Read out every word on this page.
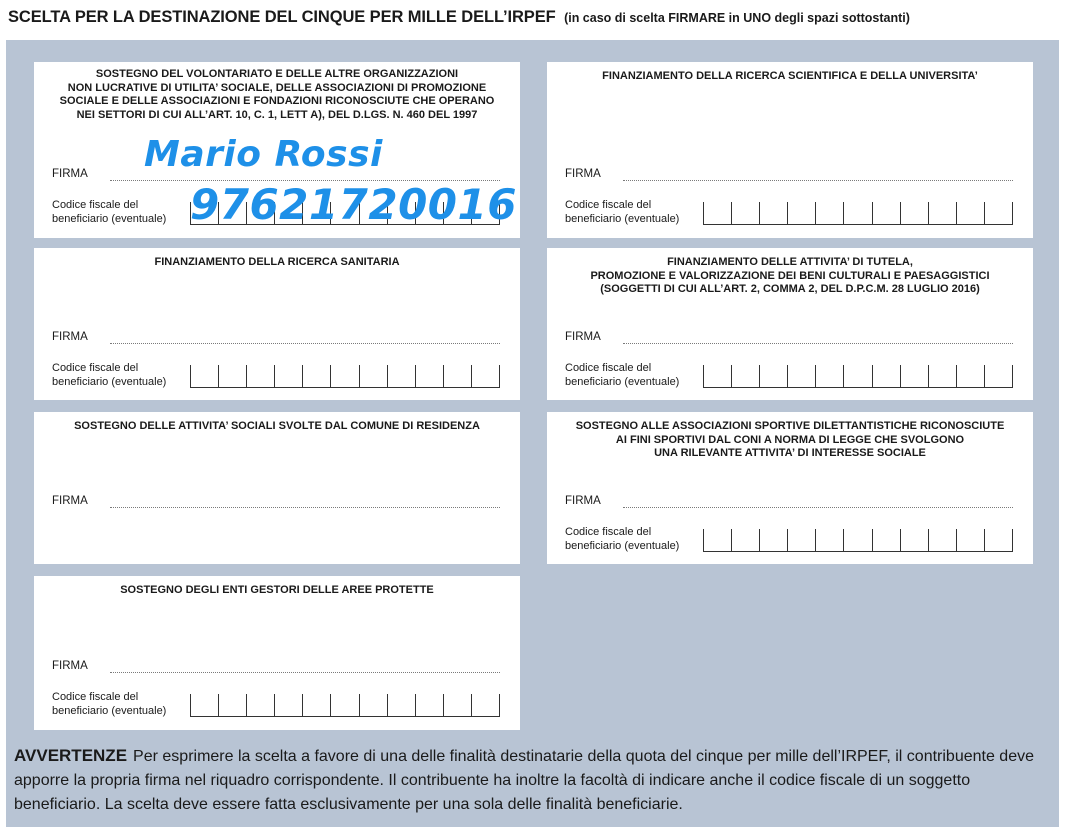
SCELTA PER LA DESTINAZIONE DEL CINQUE PER MILLE DELL’IRPEF (in caso di scelta FIRMARE in UNO degli spazi sottostanti)
SOSTEGNO DEL VOLONTARIATO E DELLE ALTRE ORGANIZZAZIONI
NON LUCRATIVE DI UTILITA’ SOCIALE, DELLE ASSOCIAZIONI DI PROMOZIONE
SOCIALE E DELLE ASSOCIAZIONI E FONDAZIONI RICONOSCIUTE CHE OPERANO
NEI SETTORI DI CUI ALL’ART. 10, C. 1, LETT A), DEL D.LGS. N. 460 DEL 1997
FIRMA
Codice fiscale del
beneficiario (eventuale)
Mario Rossi
97621720016
FINANZIAMENTO DELLA RICERCA SCIENTIFICA E DELLA UNIVERSITA’
FIRMA
Codice fiscale del
beneficiario (eventuale)
FINANZIAMENTO DELLA RICERCA SANITARIA
FIRMA
Codice fiscale del
beneficiario (eventuale)
FINANZIAMENTO DELLE ATTIVITA’ DI TUTELA,
PROMOZIONE E VALORIZZAZIONE DEI BENI CULTURALI E PAESAGGISTICI
(SOGGETTI DI CUI ALL’ART. 2, COMMA 2, DEL D.P.C.M. 28 LUGLIO 2016)
FIRMA
Codice fiscale del
beneficiario (eventuale)
SOSTEGNO DELLE ATTIVITA’ SOCIALI SVOLTE DAL COMUNE DI RESIDENZA
FIRMA
SOSTEGNO ALLE ASSOCIAZIONI SPORTIVE DILETTANTISTICHE RICONOSCIUTE
AI FINI SPORTIVI DAL CONI A NORMA DI LEGGE CHE SVOLGONO
UNA RILEVANTE ATTIVITA’ DI INTERESSE SOCIALE
FIRMA
Codice fiscale del
beneficiario (eventuale)
SOSTEGNO DEGLI ENTI GESTORI DELLE AREE PROTETTE
FIRMA
Codice fiscale del
beneficiario (eventuale)
AVVERTENZE Per esprimere la scelta a favore di una delle finalità destinatarie della quota del cinque per mille dell’IRPEF, il contribuente deve apporre la propria firma nel riquadro corrispondente. Il contribuente ha inoltre la facoltà di indicare anche il codice fiscale di un soggetto beneficiario. La scelta deve essere fatta esclusivamente per una sola delle finalità beneficiarie.
